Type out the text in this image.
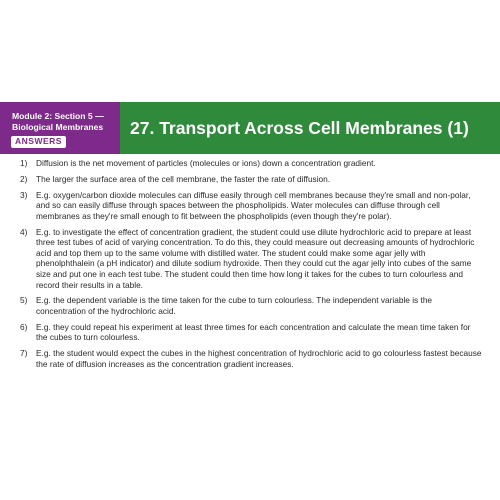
Module 2: Section 5 —
Biological Membranes
ANSWERS
27. Transport Across Cell Membranes (1)
1)	Diffusion is the net movement of particles (molecules or ions) down a concentration gradient.
2)	The larger the surface area of the cell membrane, the faster the rate of diffusion.
3)	E.g. oxygen/carbon dioxide molecules can diffuse easily through cell membranes because they're small and non-polar, and so can easily diffuse through spaces between the phospholipids. Water molecules can diffuse through cell membranes as they're small enough to fit between the phospholipids (even though they're polar).
4)	E.g. to investigate the effect of concentration gradient, the student could use dilute hydrochloric acid to prepare at least three test tubes of acid of varying concentration. To do this, they could measure out decreasing amounts of hydrochloric acid and top them up to the same volume with distilled water. The student could make some agar jelly with phenolphthalein (a pH indicator) and dilute sodium hydroxide. Then they could cut the agar jelly into cubes of the same size and put one in each test tube. The student could then time how long it takes for the cubes to turn colourless and record their results in a table.
5)	E.g. the dependent variable is the time taken for the cube to turn colourless. The independent variable is the concentration of the hydrochloric acid.
6)	E.g. they could repeat his experiment at least three times for each concentration and calculate the mean time taken for the cubes to turn colourless.
7)	E.g. the student would expect the cubes in the highest concentration of hydrochloric acid to go colourless fastest because the rate of diffusion increases as the concentration gradient increases.
